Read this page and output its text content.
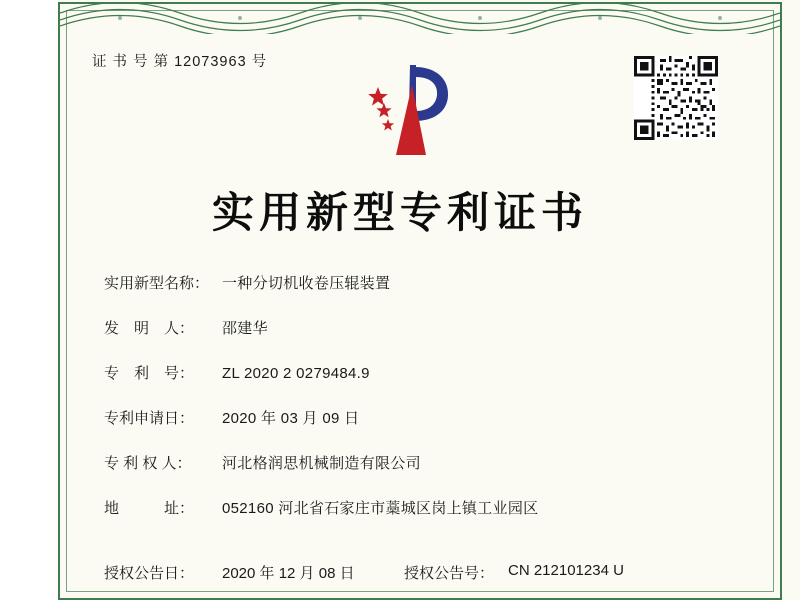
证 书 号 第 12073963 号
实用新型专利证书
实用新型名称： 一种分切机收卷压辊装置
发　明　人：	邵建华
专　利　号：	ZL 2020 2 0279484.9
专利申请日：	2020 年 03 月 09 日
专 利 权 人：	河北格润思机械制造有限公司
地　　　址：	052160 河北省石家庄市藁城区岗上镇工业园区
授权公告日：	2020 年 12 月 08 日	授权公告号： CN 212101234 U
